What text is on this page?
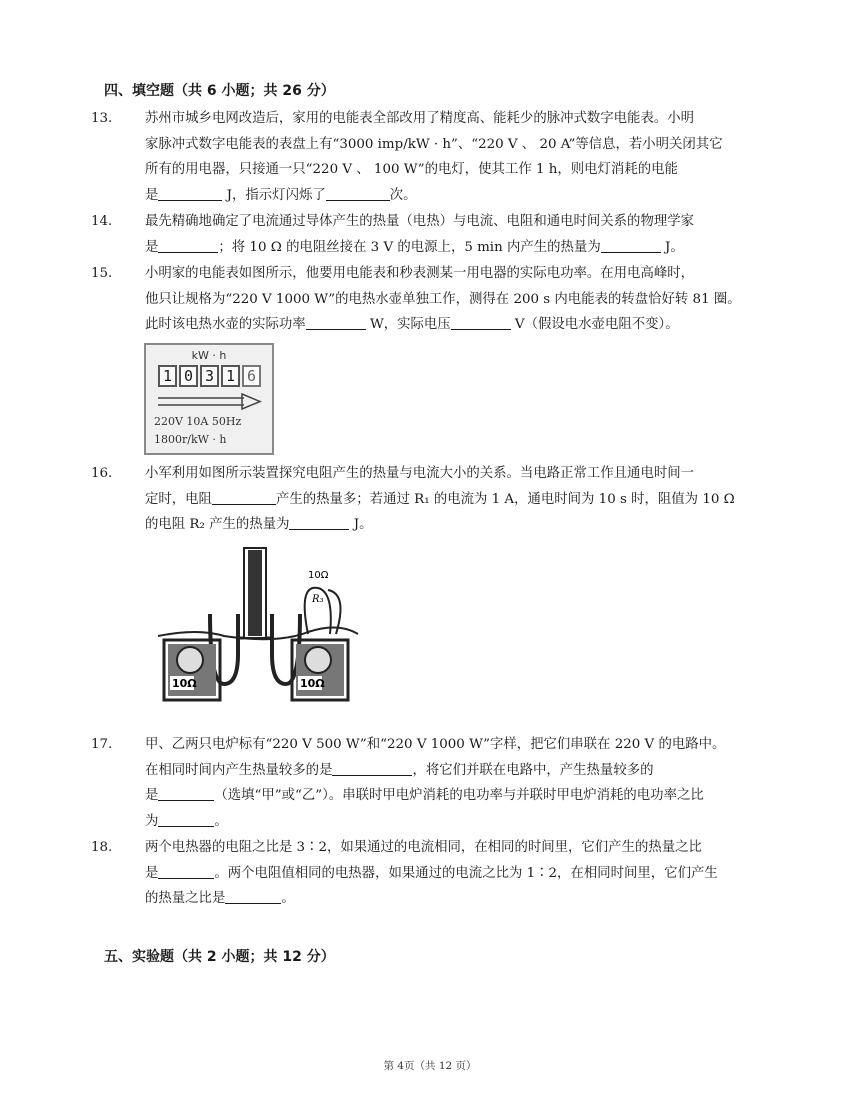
四、填空题（共 6 小题；共 26 分）
13. 苏州市城乡电网改造后，家用的电能表全部改用了精度高、能耗少的脉冲式数字电能表。小明
家脉冲式数字电能表的表盘上有“3000 imp/kW · h”、“220 V 、 20 A”等信息，若小明关闭其它
所有的用电器，只接通一只“220 V 、 100 W”的电灯，使其工作 1 h，则电灯消耗的电能
是	J，指示灯闪烁了	次。
14. 最先精确地确定了电流通过导体产生的热量（电热）与电流、电阻和通电时间关系的物理学家
是	；将 10 Ω 的电阻丝接在 3 V 的电源上，5 min 内产生的热量为	J。
15. 小明家的电能表如图所示，他要用电能表和秒表测某一用电器的实际电功率。在用电高峰时，
他只让规格为“220 V 1000 W”的电热水壶单独工作，测得在 200 s 内电能表的转盘恰好转 81 圈。
此时该电热水壶的实际功率	W，实际电压	V（假设电水壶电阻不变）。
kW · h
1 0 3 1 6
220V 10A 50Hz
1800r/kW · h
16. 小军利用如图所示装置探究电阻产生的热量与电流大小的关系。当电路正常工作且通电时间一
定时，电阻	产生的热量多；若通过 R₁ 的电流为 1 A，通电时间为 10 s 时，阻值为 10 Ω
的电阻 R₂ 产生的热量为	J。
10Ω	10Ω
10Ω
R₃
17. 甲、乙两只电炉标有“220 V 500 W”和“220 V 1000 W”字样，把它们串联在 220 V 的电路中。
在相同时间内产生热量较多的是	，将它们并联在电路中，产生热量较多的
是	（选填“甲”或“乙”）。串联时甲电炉消耗的电功率与并联时甲电炉消耗的电功率之比
为	。
18. 两个电热器的电阻之比是 3∶2，如果通过的电流相同，在相同的时间里，它们产生的热量之比
是	。两个电阻值相同的电热器，如果通过的电流之比为 1∶2，在相同时间里，它们产生
的热量之比是	。
五、实验题（共 2 小题；共 12 分）
第 4页（共 12 页）
